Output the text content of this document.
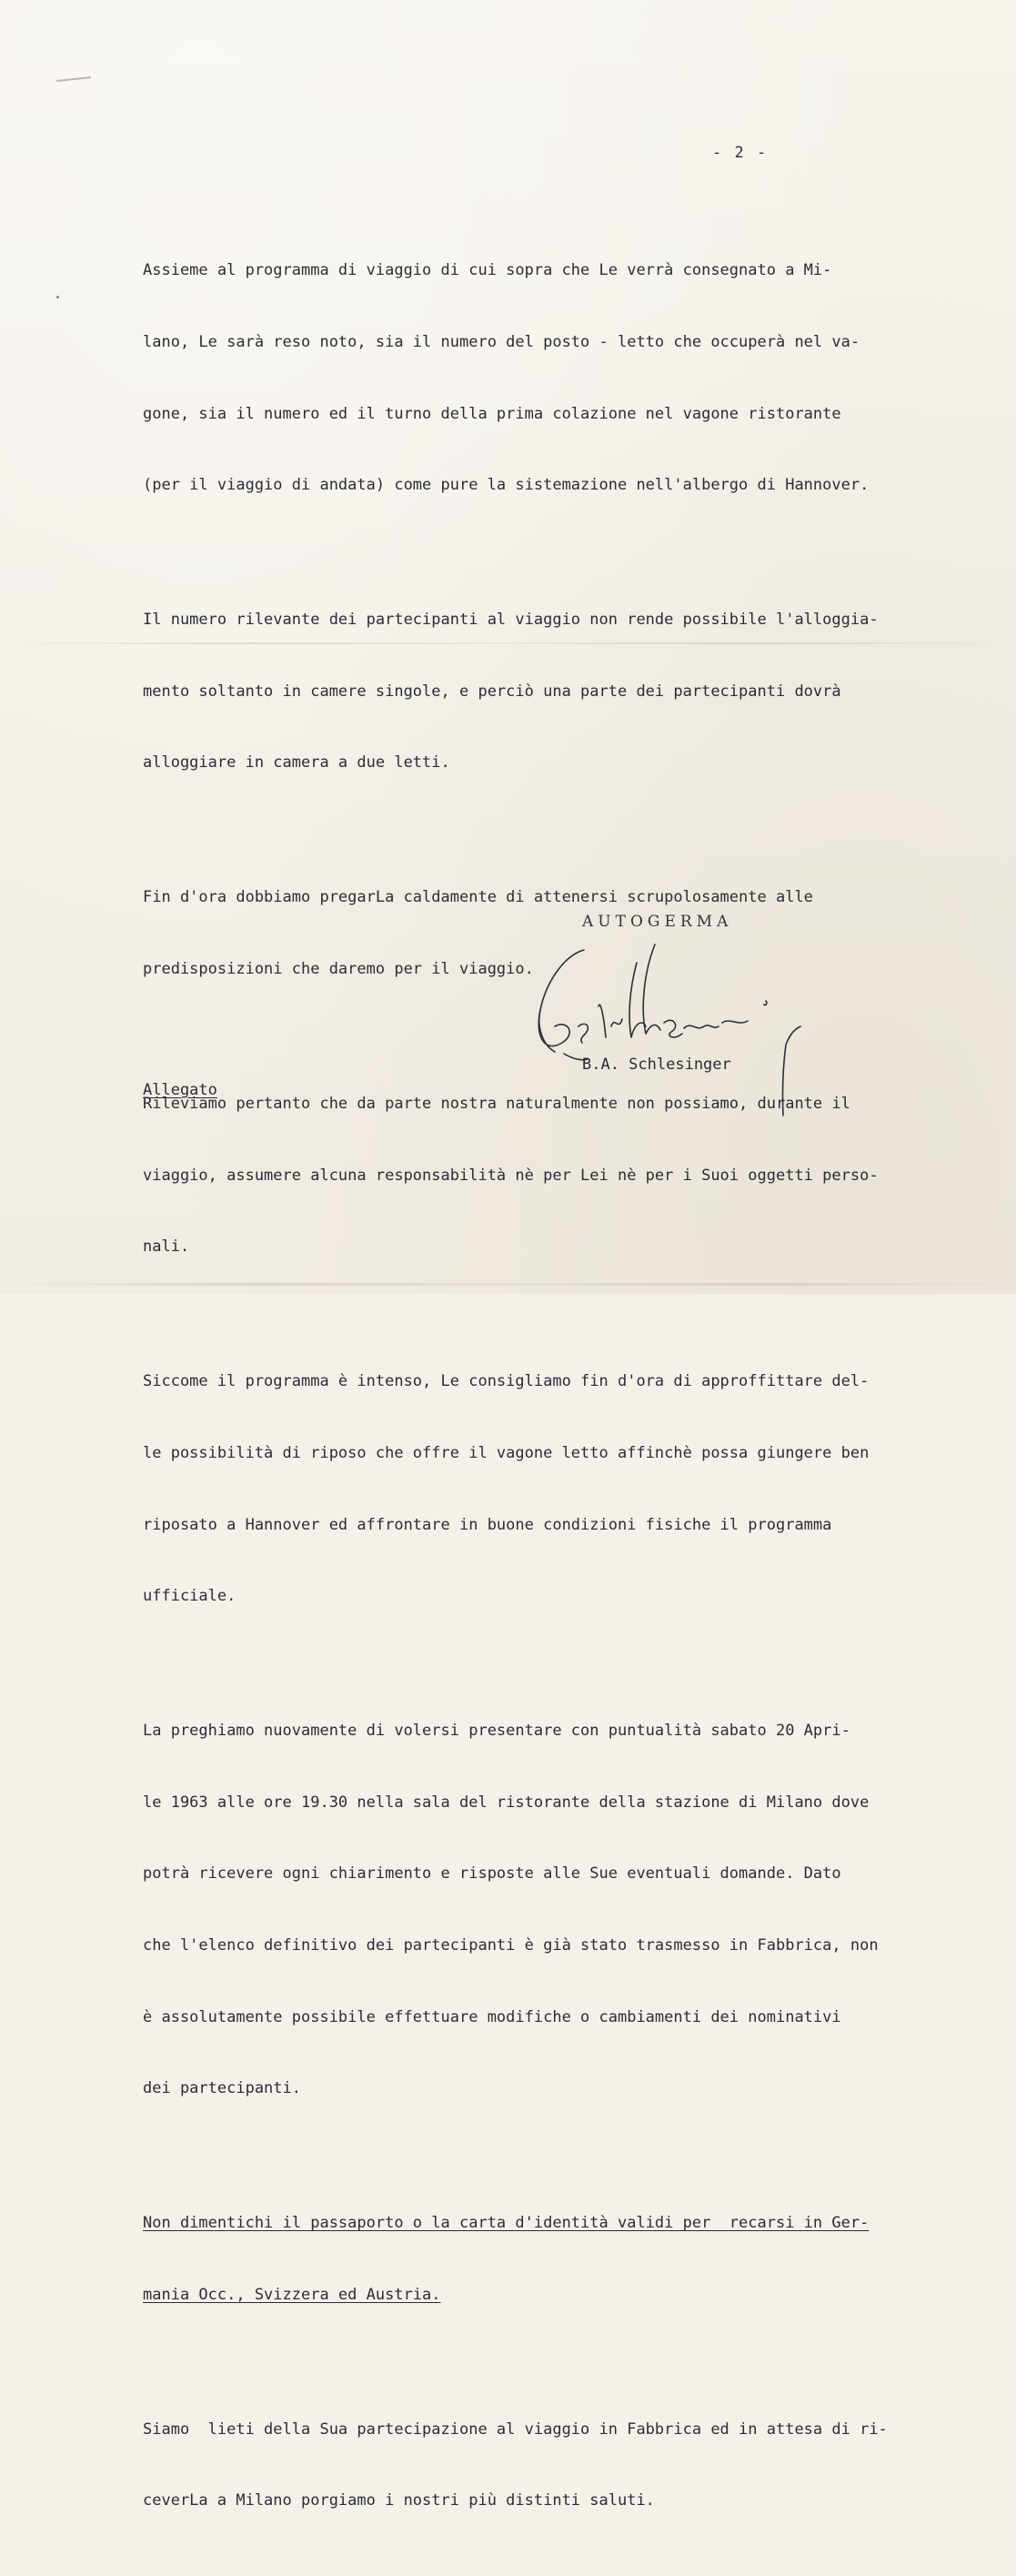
- 2 -

Assieme al programma di viaggio di cui sopra che Le verrà consegnato a Mi-

lano, Le sarà reso noto, sia il numero del posto - letto che occuperà nel va-

gone, sia il numero ed il turno della prima colazione nel vagone ristorante

(per il viaggio di andata) come pure la sistemazione nell'albergo di Hannover.

Il numero rilevante dei partecipanti al viaggio non rende possibile l'alloggia-

mento soltanto in camere singole, e perciò una parte dei partecipanti dovrà

alloggiare in camera a due letti.

Fin d'ora dobbiamo pregarLa caldamente di attenersi scrupolosamente alle

predisposizioni che daremo per il viaggio.

Rileviamo pertanto che da parte nostra naturalmente non possiamo, durante il

viaggio, assumere alcuna responsabilità nè per Lei nè per i Suoi oggetti perso-

nali.

Siccome il programma è intenso, Le consigliamo fin d'ora di approffittare del-

le possibilità di riposo che offre il vagone letto affinchè possa giungere ben

riposato a Hannover ed affrontare in buone condizioni fisiche il programma

ufficiale.

La preghiamo nuovamente di volersi presentare con puntualità sabato 20 Apri-

le 1963 alle ore 19.30 nella sala del ristorante della stazione di Milano dove

potrà ricevere ogni chiarimento e risposte alle Sue eventuali domande. Dato

che l'elenco definitivo dei partecipanti è già stato trasmesso in Fabbrica, non

è assolutamente possibile effettuare modifiche o cambiamenti dei nominativi

dei partecipanti.

Non dimentichi il passaporto o la carta d'identità validi per  recarsi in Ger-

mania Occ., Svizzera ed Austria.

Siamo  lieti della Sua partecipazione al viaggio in Fabbrica ed in attesa di ri-

ceverLa a Milano porgiamo i nostri più distinti saluti.

AUTOGERMA
B.A. Schlesinger
Allegato
